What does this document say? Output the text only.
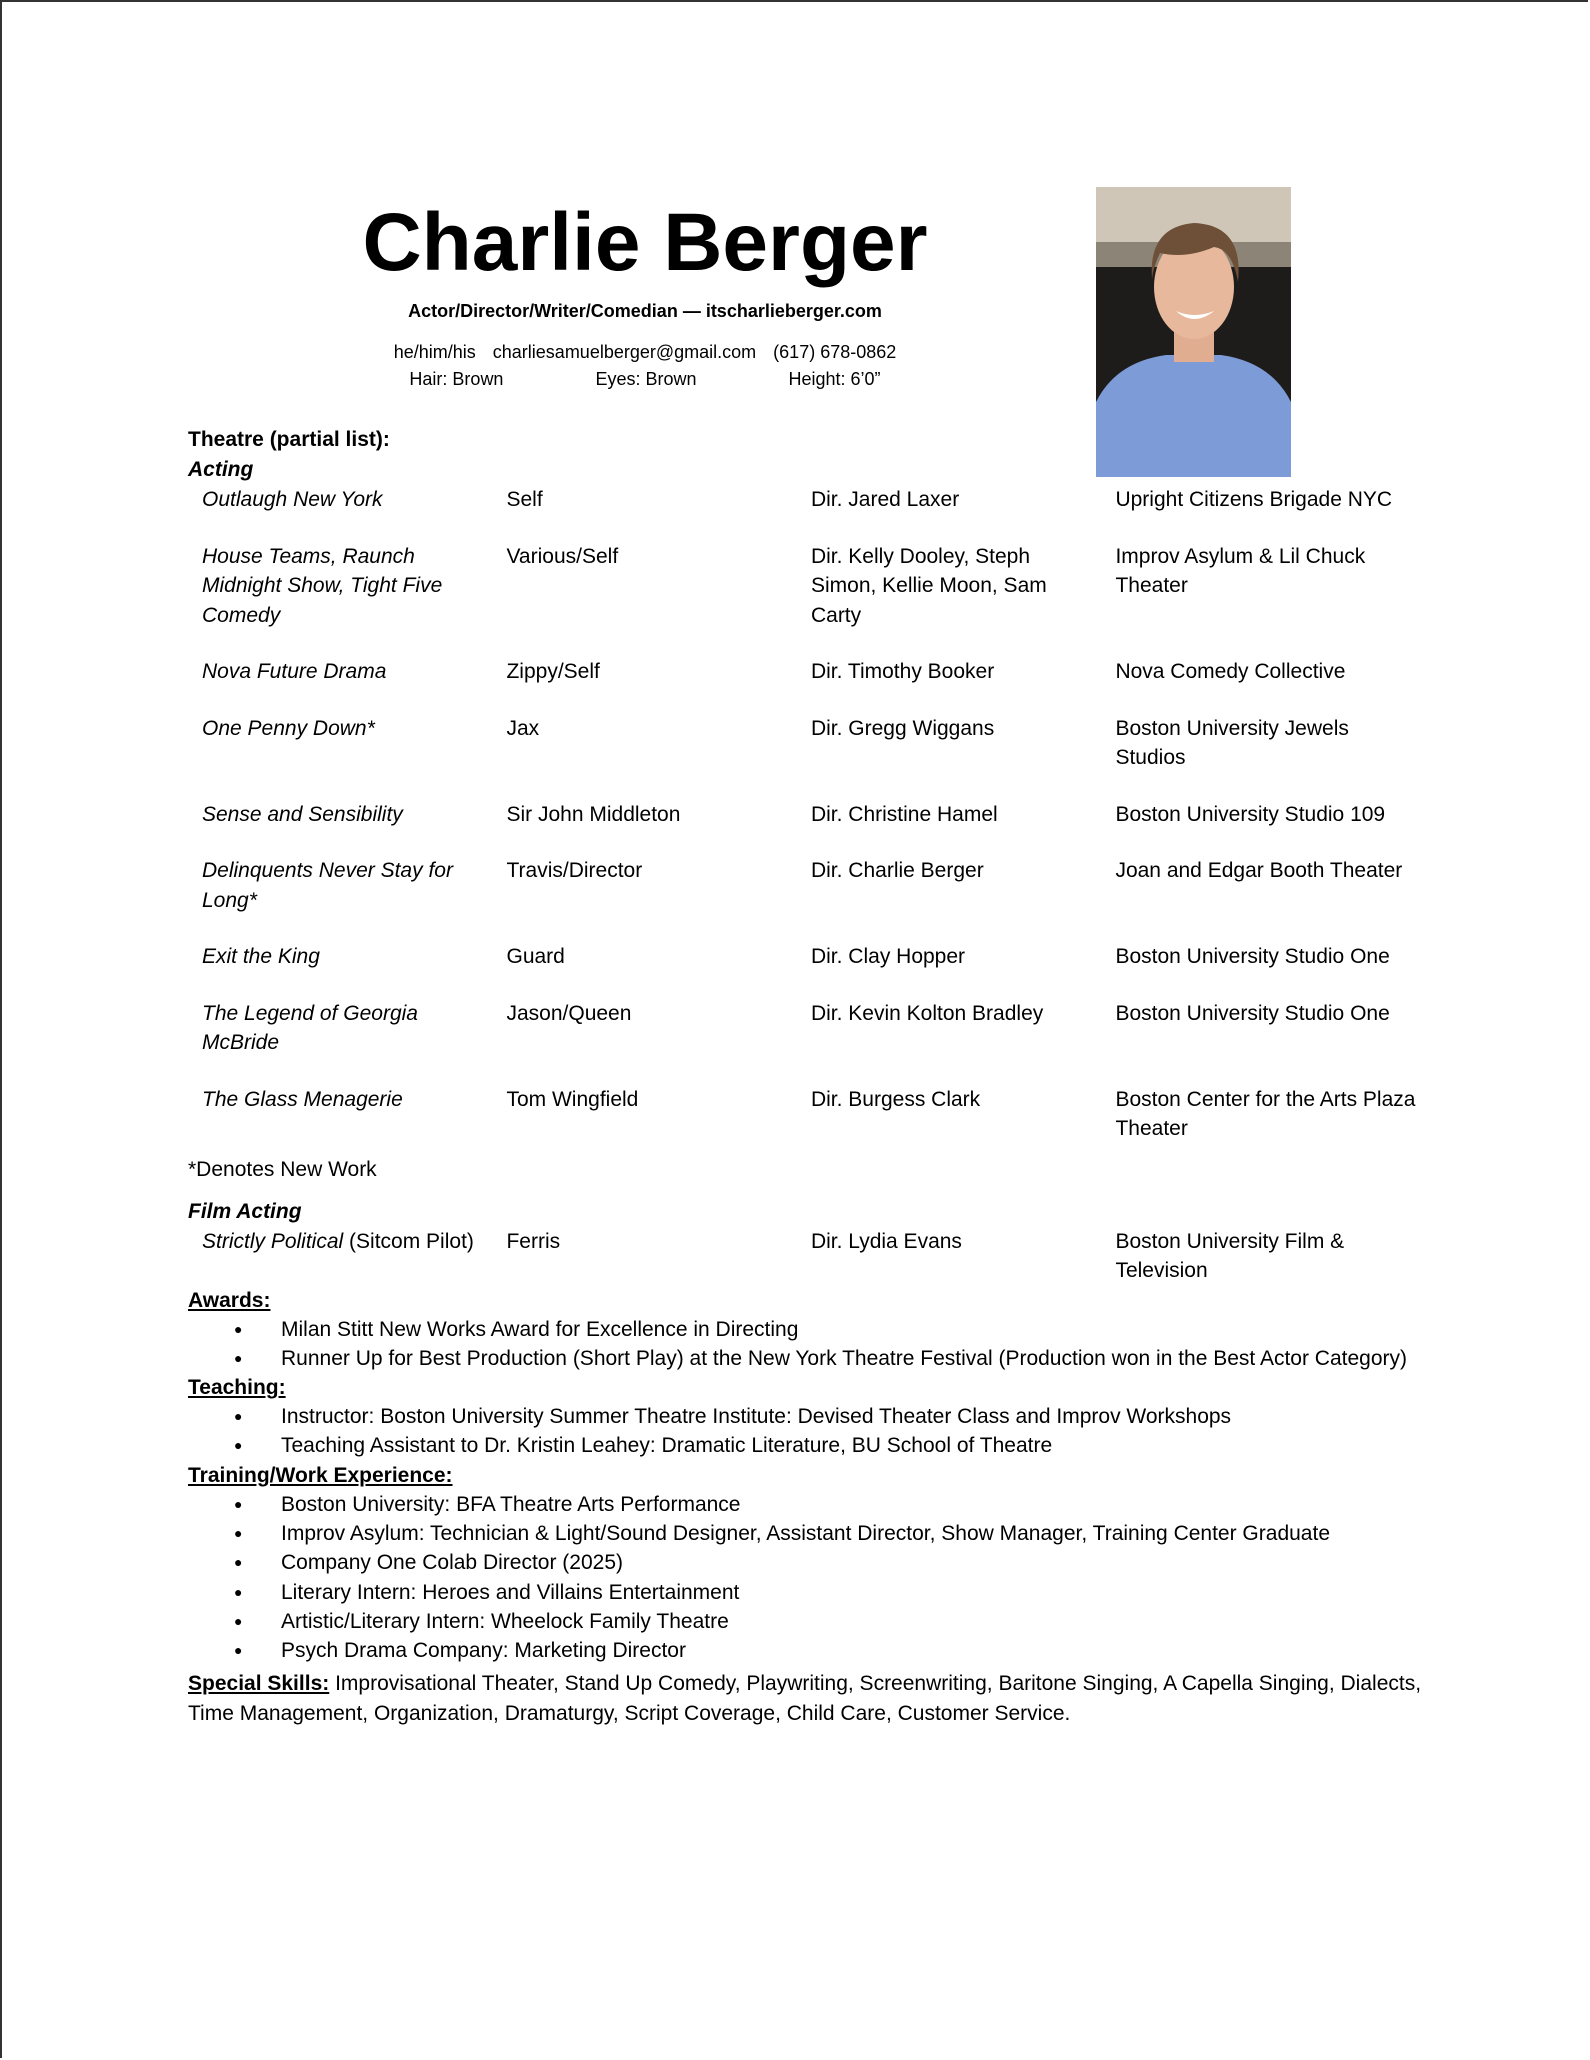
Charlie Berger
Actor/Director/Writer/Comedian — itscharlieberger.com
he/him/his charliesamuelberger@gmail.com (617) 678-0862
Hair: Brown	Eyes: Brown	Height: 6’0”
Theatre (partial list):
Acting
Outlaugh New York	Self	Dir. Jared Laxer	Upright Citizens Brigade NYC
House Teams, Raunch Midnight Show, Tight Five Comedy	Various/Self	Dir. Kelly Dooley, Steph Simon, Kellie Moon, Sam Carty	Improv Asylum & Lil Chuck Theater
Nova Future Drama	Zippy/Self	Dir. Timothy Booker	Nova Comedy Collective
One Penny Down*	Jax	Dir. Gregg Wiggans	Boston University Jewels Studios
Sense and Sensibility	Sir John Middleton	Dir. Christine Hamel	Boston University Studio 109
Delinquents Never Stay for Long*	Travis/Director	Dir. Charlie Berger	Joan and Edgar Booth Theater
Exit the King	Guard	Dir. Clay Hopper	Boston University Studio One
The Legend of Georgia McBride	Jason/Queen	Dir. Kevin Kolton Bradley	Boston University Studio One
The Glass Menagerie	Tom Wingfield	Dir. Burgess Clark	Boston Center for the Arts Plaza Theater
*Denotes New Work
Film Acting
Strictly Political (Sitcom Pilot)	Ferris	Dir. Lydia Evans	Boston University Film & Television
Awards:
● Milan Stitt New Works Award for Excellence in Directing
● Runner Up for Best Production (Short Play) at the New York Theatre Festival (Production won in the Best Actor Category)
Teaching:
● Instructor: Boston University Summer Theatre Institute: Devised Theater Class and Improv Workshops
● Teaching Assistant to Dr. Kristin Leahey: Dramatic Literature, BU School of Theatre
Training/Work Experience:
● Boston University: BFA Theatre Arts Performance
● Improv Asylum: Technician & Light/Sound Designer, Assistant Director, Show Manager, Training Center Graduate
● Company One Colab Director (2025)
● Literary Intern: Heroes and Villains Entertainment
● Artistic/Literary Intern: Wheelock Family Theatre
● Psych Drama Company: Marketing Director
Special Skills: Improvisational Theater, Stand Up Comedy, Playwriting, Screenwriting, Baritone Singing, A Capella Singing, Dialects, Time Management, Organization, Dramaturgy, Script Coverage, Child Care, Customer Service.
